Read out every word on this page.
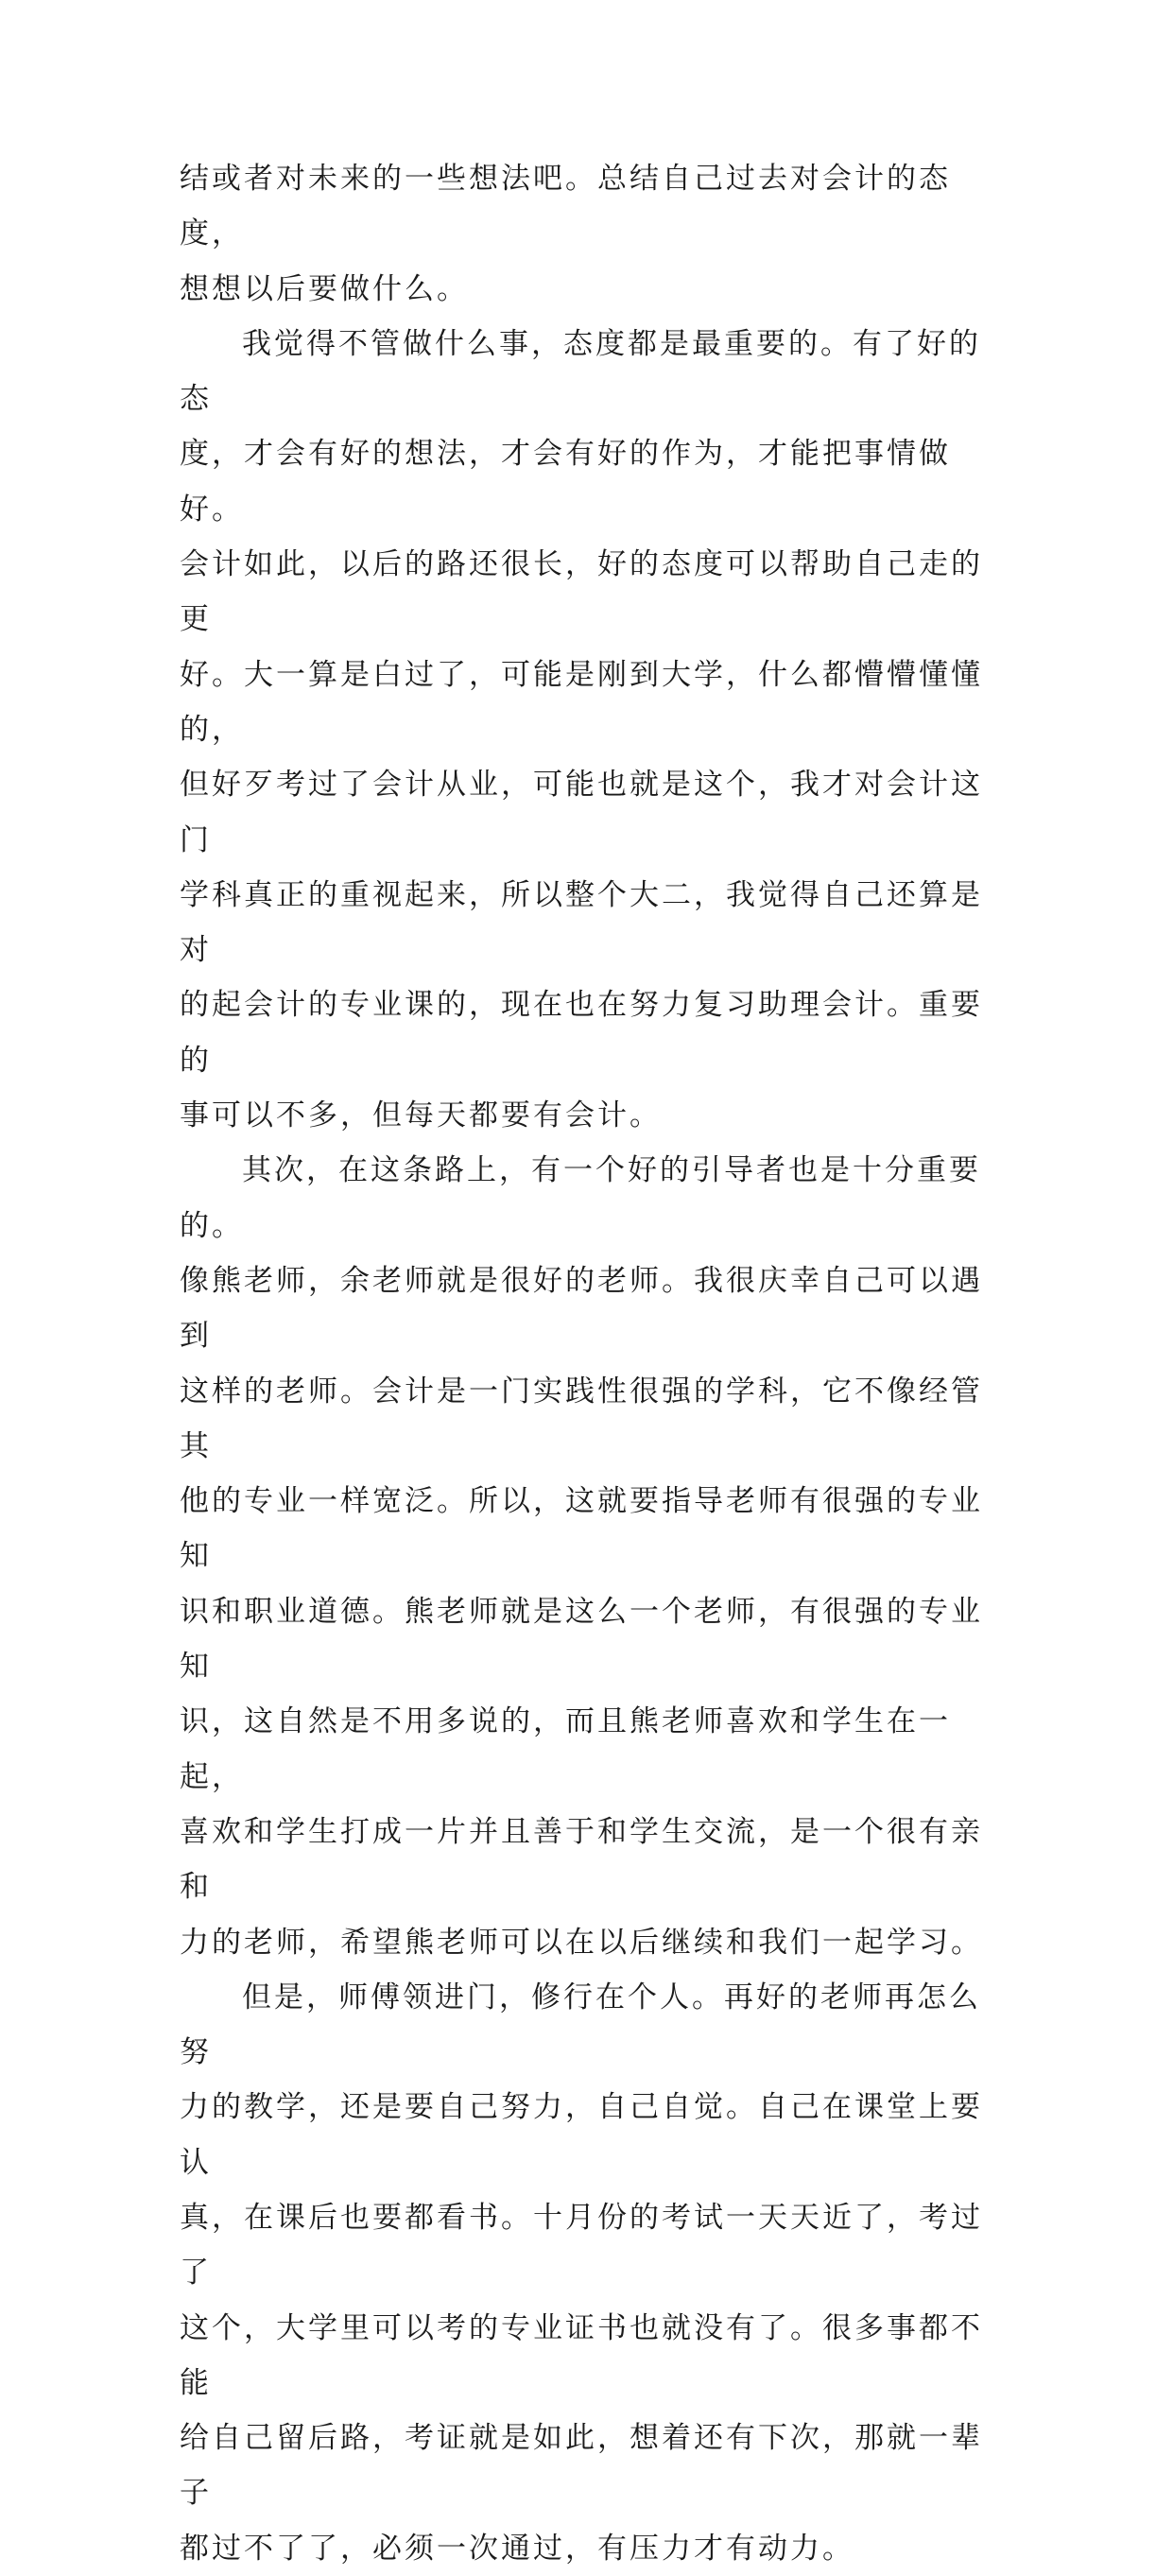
结或者对未来的一些想法吧。总结自己过去对会计的态度，
想想以后要做什么。

我觉得不管做什么事，态度都是最重要的。有了好的态
度，才会有好的想法，才会有好的作为，才能把事情做好。
会计如此，以后的路还很长，好的态度可以帮助自己走的更
好。大一算是白过了，可能是刚到大学，什么都懵懵懂懂的，
但好歹考过了会计从业，可能也就是这个，我才对会计这门
学科真正的重视起来，所以整个大二，我觉得自己还算是对
的起会计的专业课的，现在也在努力复习助理会计。重要的
事可以不多，但每天都要有会计。

其次，在这条路上，有一个好的引导者也是十分重要的。
像熊老师，余老师就是很好的老师。我很庆幸自己可以遇到
这样的老师。会计是一门实践性很强的学科，它不像经管其
他的专业一样宽泛。所以，这就要指导老师有很强的专业知
识和职业道德。熊老师就是这么一个老师，有很强的专业知
识，这自然是不用多说的，而且熊老师喜欢和学生在一起，
喜欢和学生打成一片并且善于和学生交流，是一个很有亲和
力的老师，希望熊老师可以在以后继续和我们一起学习。

但是，师傅领进门，修行在个人。再好的老师再怎么努
力的教学，还是要自己努力，自己自觉。自己在课堂上要认
真，在课后也要都看书。十月份的考试一天天近了，考过了
这个，大学里可以考的专业证书也就没有了。很多事都不能
给自己留后路，考证就是如此，想着还有下次，那就一辈子
都过不了了，必须一次通过，有压力才有动力。
